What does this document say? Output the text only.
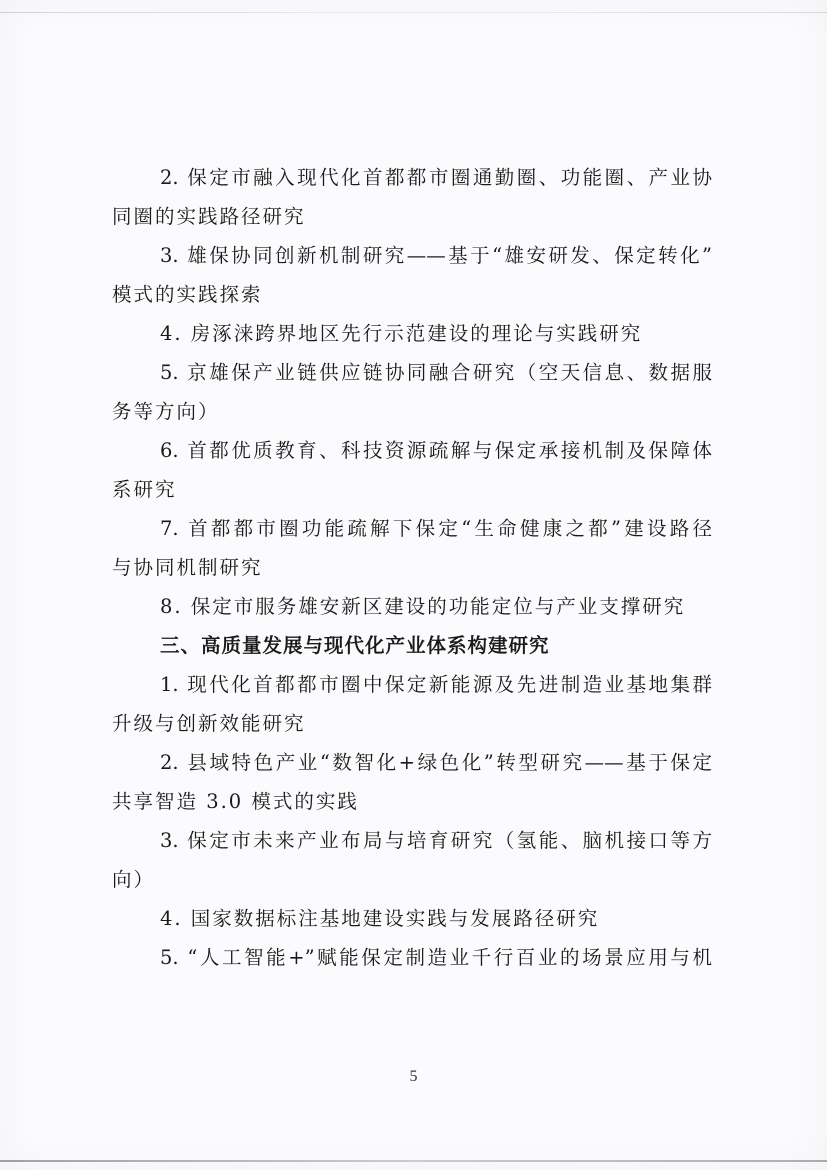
2. 保定市融入现代化首都都市圈通勤圈、功能圈、产业协
同圈的实践路径研究
3. 雄保协同创新机制研究——基于“雄安研发、保定转化”
模式的实践探索
4. 房涿涞跨界地区先行示范建设的理论与实践研究
5. 京雄保产业链供应链协同融合研究（空天信息、数据服
务等方向）
6. 首都优质教育、科技资源疏解与保定承接机制及保障体
系研究
7. 首都都市圈功能疏解下保定“生命健康之都”建设路径
与协同机制研究
8. 保定市服务雄安新区建设的功能定位与产业支撑研究
三、高质量发展与现代化产业体系构建研究
1. 现代化首都都市圈中保定新能源及先进制造业基地集群
升级与创新效能研究
2. 县域特色产业“数智化+绿色化”转型研究——基于保定
共享智造 3.0 模式的实践
3. 保定市未来产业布局与培育研究（氢能、脑机接口等方
向）
4. 国家数据标注基地建设实践与发展路径研究
5. “人工智能+”赋能保定制造业千行百业的场景应用与机
5
